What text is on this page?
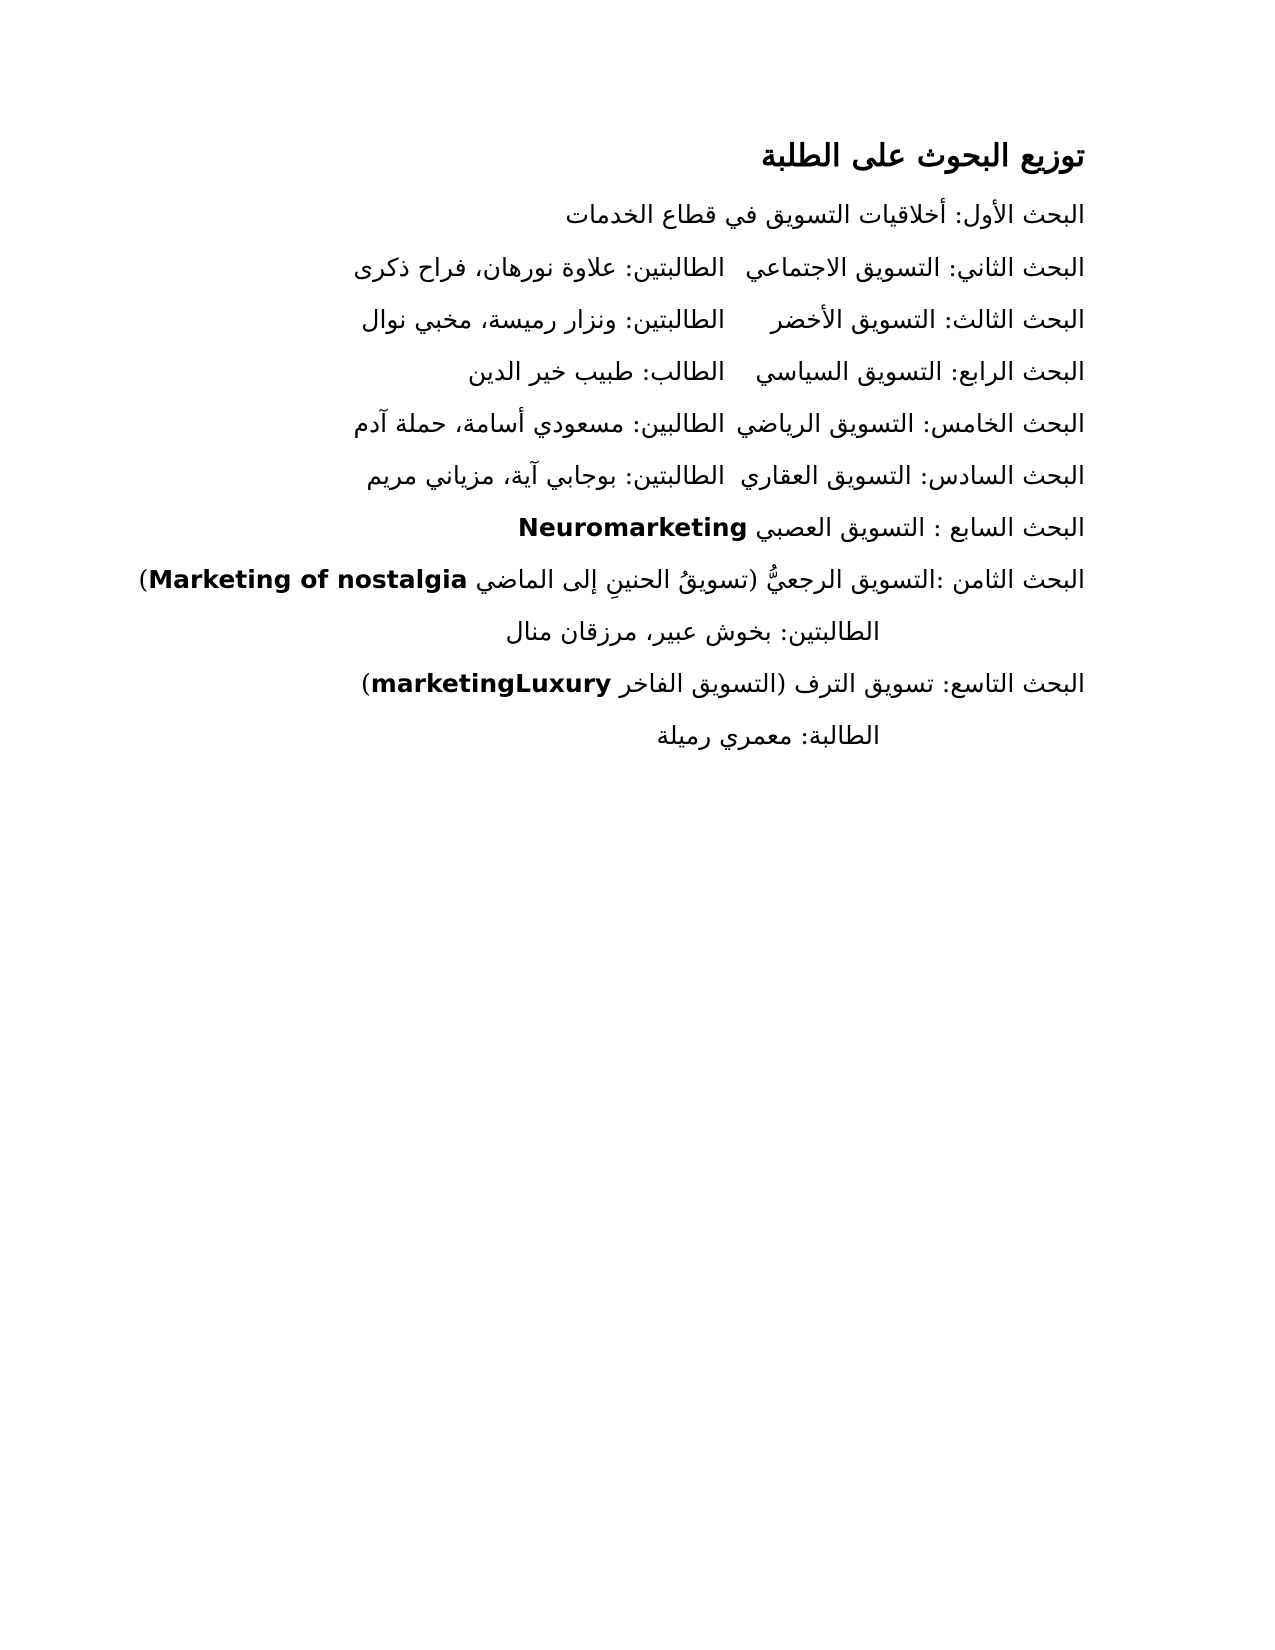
توزيع البحوث على الطلبة
البحث الأول: أخلاقيات التسويق في قطاع الخدمات
البحث الثاني: التسويق الاجتماعيالطالبتين: علاوة نورهان، فراح ذكرى
البحث الثالث: التسويق الأخضرالطالبتين: ونزار رميسة، مخبي نوال
البحث الرابع: التسويق السياسيالطالب: طبيب خير الدين
البحث الخامس: التسويق الرياضيالطالبين: مسعودي أسامة، حملة آدم
البحث السادس: التسويق العقاريالطالبتين: بوجابي آية، مزياني مريم
البحث السابع : التسويق العصبي Neuromarketing
البحث الثامن :التسويق الرجعيُّ (تسويقُ الحنينِ إلى الماضي Marketing of nostalgia)
الطالبتين: بخوش عبير، مرزقان منال
البحث التاسع: تسويق الترف (التسويق الفاخر marketingLuxury)
الطالبة: معمري رميلة
